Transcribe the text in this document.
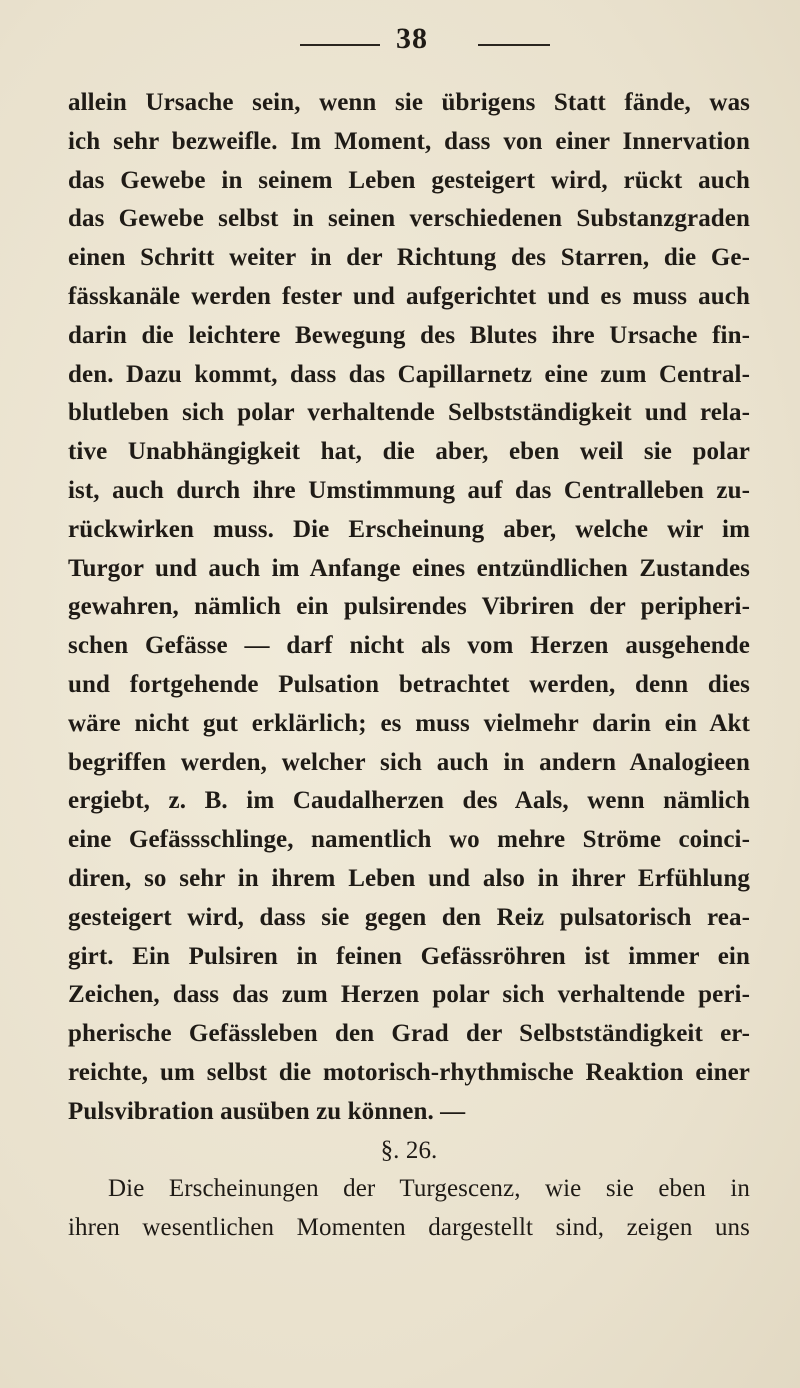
38
allein Ursache sein, wenn sie übrigens Statt fände, was
ich sehr bezweifle. Im Moment, dass von einer Innervation
das Gewebe in seinem Leben gesteigert wird, rückt auch
das Gewebe selbst in seinen verschiedenen Substanzgraden
einen Schritt weiter in der Richtung des Starren, die Ge-
fässkanäle werden fester und aufgerichtet und es muss auch
darin die leichtere Bewegung des Blutes ihre Ursache fin-
den. Dazu kommt, dass das Capillarnetz eine zum Central-
blutleben sich polar verhaltende Selbstständigkeit und rela-
tive Unabhängigkeit hat, die aber, eben weil sie polar
ist, auch durch ihre Umstimmung auf das Centralleben zu-
rückwirken muss. Die Erscheinung aber, welche wir im
Turgor und auch im Anfange eines entzündlichen Zustandes
gewahren, nämlich ein pulsirendes Vibriren der peripheri-
schen Gefässe — darf nicht als vom Herzen ausgehende
und fortgehende Pulsation betrachtet werden, denn dies
wäre nicht gut erklärlich; es muss vielmehr darin ein Akt
begriffen werden, welcher sich auch in andern Analogieen
ergiebt, z. B. im Caudalherzen des Aals, wenn nämlich
eine Gefässschlinge, namentlich wo mehre Ströme coinci-
diren, so sehr in ihrem Leben und also in ihrer Erfühlung
gesteigert wird, dass sie gegen den Reiz pulsatorisch rea-
girt. Ein Pulsiren in feinen Gefässröhren ist immer ein
Zeichen, dass das zum Herzen polar sich verhaltende peri-
pherische Gefässleben den Grad der Selbstständigkeit er-
reichte, um selbst die motorisch-rhythmische Reaktion einer
Pulsvibration ausüben zu können. —
§. 26.
Die Erscheinungen der Turgescenz, wie sie eben in
ihren wesentlichen Momenten dargestellt sind, zeigen uns
